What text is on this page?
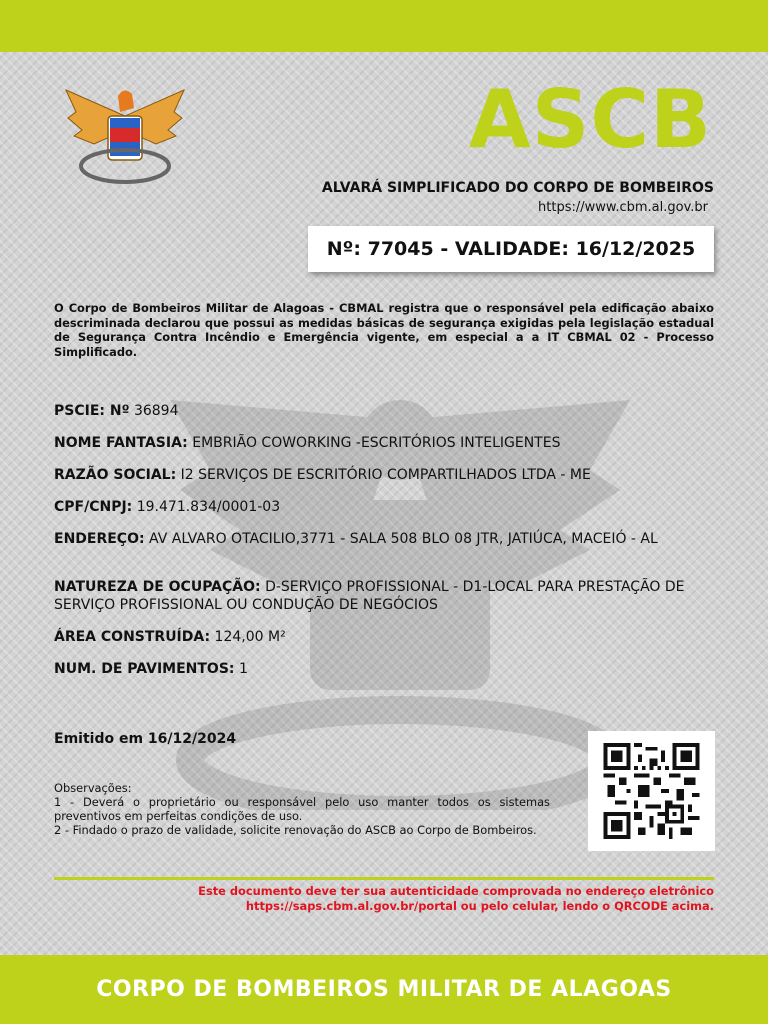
ASCB
ALVARÁ SIMPLIFICADO DO CORPO DE BOMBEIROS
https://www.cbm.al.gov.br
Nº: 77045 - VALIDADE: 16/12/2025
O Corpo de Bombeiros Militar de Alagoas - CBMAL registra que o responsável pela edificação abaixo descriminada declarou que possui as medidas básicas de segurança exigidas pela legislação estadual de Segurança Contra Incêndio e Emergência vigente, em especial a a IT CBMAL 02 - Processo Simplificado.
PSCIE: Nº 36894
NOME FANTASIA: EMBRIÃO COWORKING -ESCRITÓRIOS INTELIGENTES
RAZÃO SOCIAL: I2 SERVIÇOS DE ESCRITÓRIO COMPARTILHADOS LTDA - ME
CPF/CNPJ: 19.471.834/0001-03
ENDEREÇO: AV ALVARO OTACILIO,3771 - SALA 508 BLO 08 JTR, JATIÚCA, MACEIÓ - AL
NATUREZA DE OCUPAÇÃO: D-SERVIÇO PROFISSIONAL - D1-LOCAL PARA PRESTAÇÃO DE SERVIÇO PROFISSIONAL OU CONDUÇÃO DE NEGÓCIOS
ÁREA CONSTRUÍDA: 124,00 M²
NUM. DE PAVIMENTOS: 1
Emitido em 16/12/2024
Observações:
1 - Deverá o proprietário ou responsável pelo uso manter todos os sistemas preventivos em perfeitas condições de uso.
2 - Findado o prazo de validade, solicite renovação do ASCB ao Corpo de Bombeiros.
Este documento deve ter sua autenticidade comprovada no endereço eletrônico
https://saps.cbm.al.gov.br/portal ou pelo celular, lendo o QRCODE acima.
CORPO DE BOMBEIROS MILITAR DE ALAGOAS
